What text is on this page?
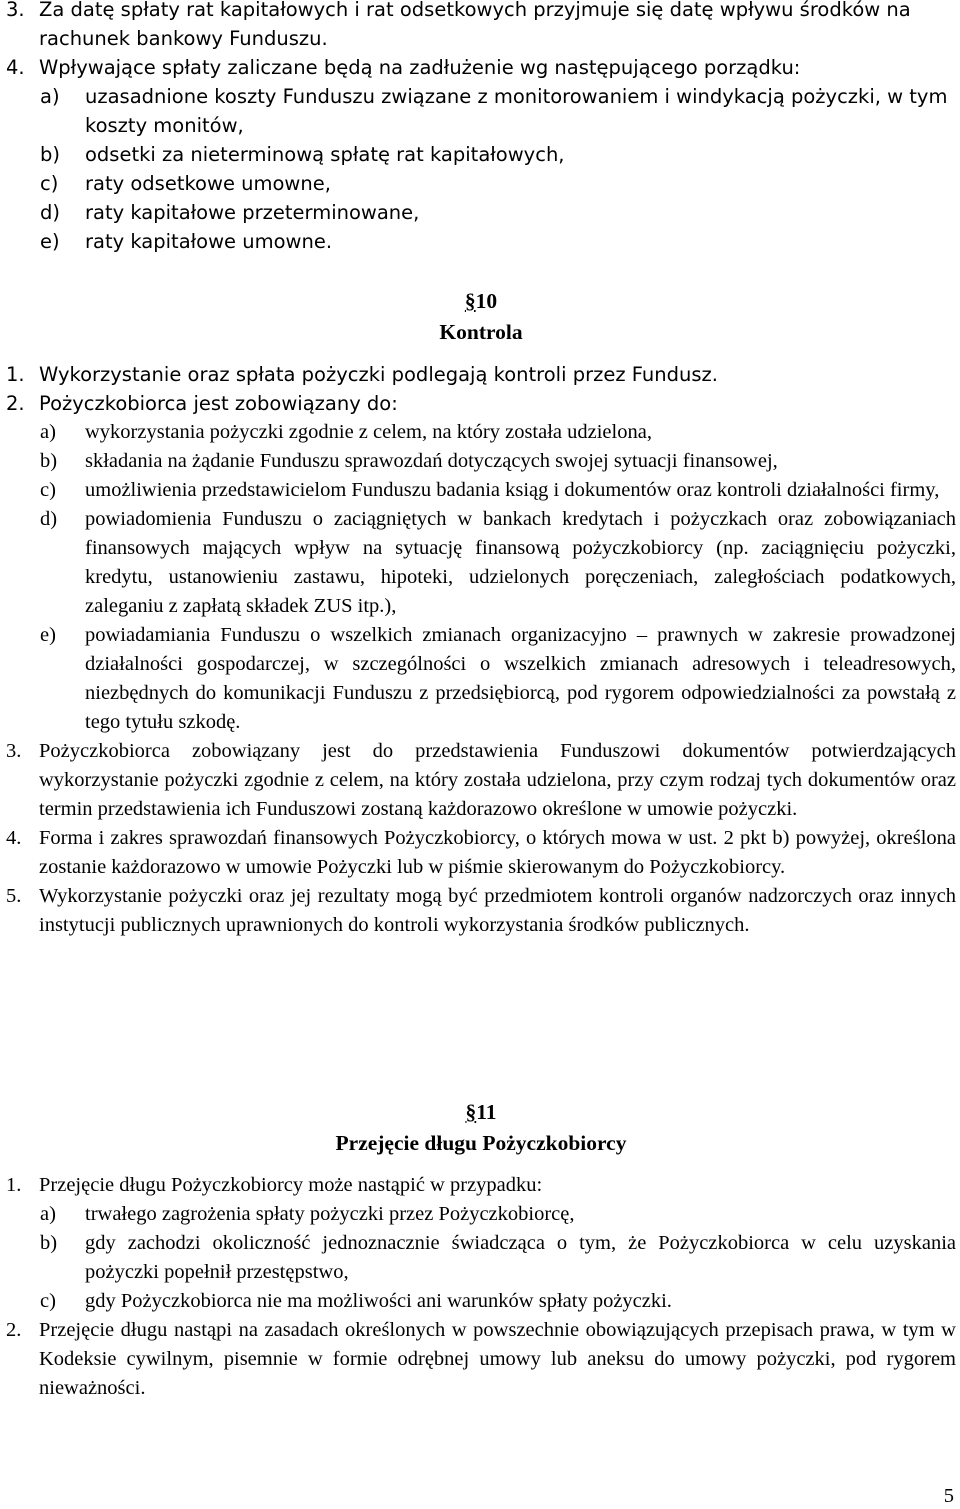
3. Za datę spłaty rat kapitałowych i rat odsetkowych przyjmuje się datę wpływu środków na rachunek bankowy Funduszu.
4. Wpływające spłaty zaliczane będą na zadłużenie wg następującego porządku:
a) uzasadnione koszty Funduszu związane z monitorowaniem i windykacją pożyczki, w tym koszty monitów,
b) odsetki za nieterminową spłatę rat kapitałowych,
c) raty odsetkowe umowne,
d) raty kapitałowe przeterminowane,
e) raty kapitałowe umowne.
§10
Kontrola
1. Wykorzystanie oraz spłata pożyczki podlegają kontroli przez Fundusz.
2. Pożyczkobiorca jest zobowiązany do:
a) wykorzystania pożyczki zgodnie z celem, na który została udzielona,
b) składania na żądanie Funduszu sprawozdań dotyczących swojej sytuacji finansowej,
c) umożliwienia przedstawicielom Funduszu badania ksiąg i dokumentów oraz kontroli działalności firmy,
d) powiadomienia Funduszu o zaciągniętych w bankach kredytach i pożyczkach oraz zobowiązaniach finansowych mających wpływ na sytuację finansową pożyczkobiorcy (np. zaciągnięciu pożyczki, kredytu, ustanowieniu zastawu, hipoteki, udzielonych poręczeniach, zaległościach podatkowych, zaleganiu z zapłatą składek ZUS itp.),
e) powiadamiania Funduszu o wszelkich zmianach organizacyjno – prawnych w zakresie prowadzonej działalności gospodarczej, w szczególności o wszelkich zmianach adresowych i teleadresowych, niezbędnych do komunikacji Funduszu z przedsiębiorcą, pod rygorem odpowiedzialności za powstałą z tego tytułu szkodę.
3. Pożyczkobiorca zobowiązany jest do przedstawienia Funduszowi dokumentów potwierdzających wykorzystanie pożyczki zgodnie z celem, na który została udzielona, przy czym rodzaj tych dokumentów oraz termin przedstawienia ich Funduszowi zostaną każdorazowo określone w umowie pożyczki.
4. Forma i zakres sprawozdań finansowych Pożyczkobiorcy, o których mowa w ust. 2 pkt b) powyżej, określona zostanie każdorazowo w umowie Pożyczki lub w piśmie skierowanym do Pożyczkobiorcy.
5. Wykorzystanie pożyczki oraz jej rezultaty mogą być przedmiotem kontroli organów nadzorczych oraz innych instytucji publicznych uprawnionych do kontroli wykorzystania środków publicznych.
§11
Przejęcie długu Pożyczkobiorcy
1. Przejęcie długu Pożyczkobiorcy może nastąpić w przypadku:
a) trwałego zagrożenia spłaty pożyczki przez Pożyczkobiorcę,
b) gdy zachodzi okoliczność jednoznacznie świadcząca o tym, że Pożyczkobiorca w celu uzyskania pożyczki popełnił przestępstwo,
c) gdy Pożyczkobiorca nie ma możliwości ani warunków spłaty pożyczki.
2. Przejęcie długu nastąpi na zasadach określonych w powszechnie obowiązujących przepisach prawa, w tym w Kodeksie cywilnym, pisemnie w formie odrębnej umowy lub aneksu do umowy pożyczki, pod rygorem nieważności.
5
